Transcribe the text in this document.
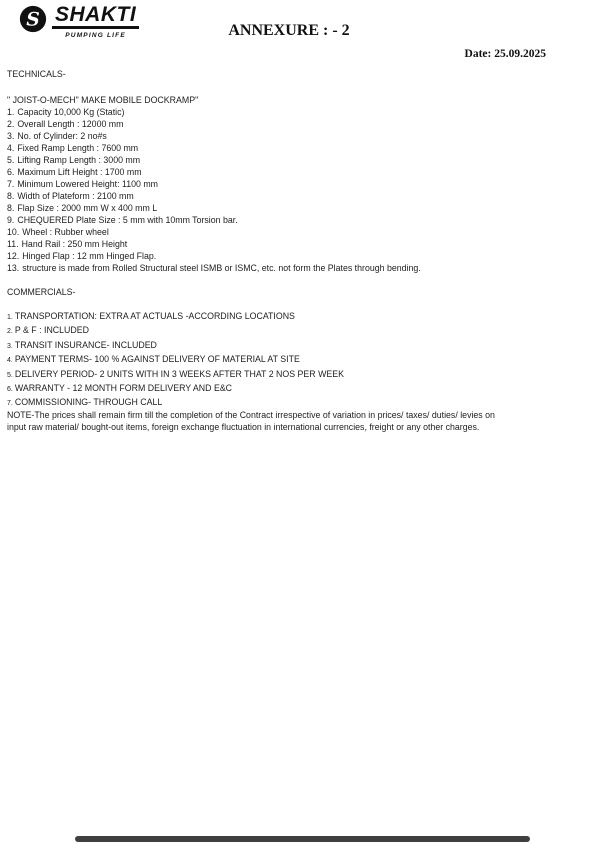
S SHAKTI
PUMPING LIFE	ANNEXURE : - 2
Date: 25.09.2025
TECHNICALS-
" JOIST-O-MECH" MAKE MOBILE DOCKRAMP"
1. Capacity 10,000 Kg (Static)
2. Overall Length : 12000 mm
3. No. of Cylinder: 2 no#s
4. Fixed Ramp Length : 7600 mm
5. Lifting Ramp Length : 3000 mm
6. Maximum Lift Height : 1700 mm
7. Minimum Lowered Height: 1100 mm
8. Width of Plateform : 2100 mm
8. Flap Size : 2000 mm W x 400 mm L
9. CHEQUERED Plate Size : 5 mm with 10mm Torsion bar.
10. Wheel : Rubber wheel
11. Hand Rail : 250 mm Height
12. Hinged Flap : 12 mm Hinged Flap.
13. structure is made from Rolled Structural steel ISMB or ISMC, etc. not form the Plates through bending.
COMMERCIALS-
1. TRANSPORTATION: EXTRA AT ACTUALS -ACCORDING LOCATIONS
2. P & F : INCLUDED
3. TRANSIT INSURANCE- INCLUDED
4. PAYMENT TERMS- 100 % AGAINST DELIVERY OF MATERIAL AT SITE
5. DELIVERY PERIOD- 2 UNITS WITH IN 3 WEEKS AFTER THAT 2 NOS PER WEEK
6. WARRANTY - 12 MONTH FORM DELIVERY AND E&C
7. COMMISSIONING- THROUGH CALL
NOTE-The prices shall remain firm till the completion of the Contract irrespective of variation in prices/ taxes/ duties/ levies on
input raw material/ bought-out items, foreign exchange fluctuation in international currencies, freight or any other charges.
